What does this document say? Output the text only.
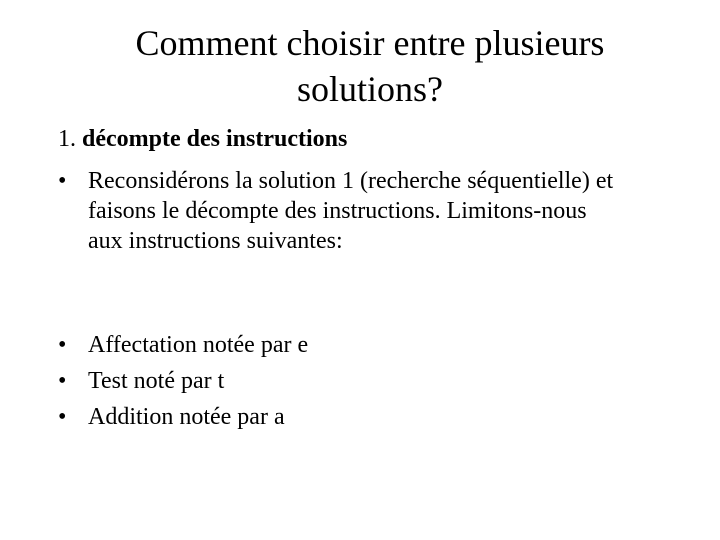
Comment choisir entre plusieurs
solutions?
1. décompte des instructions
• Reconsidérons la solution 1 (recherche séquentielle) et faisons le décompte des instructions. Limitons-nous aux instructions suivantes:
• Affectation notée par e
• Test noté par t
• Addition notée par a
